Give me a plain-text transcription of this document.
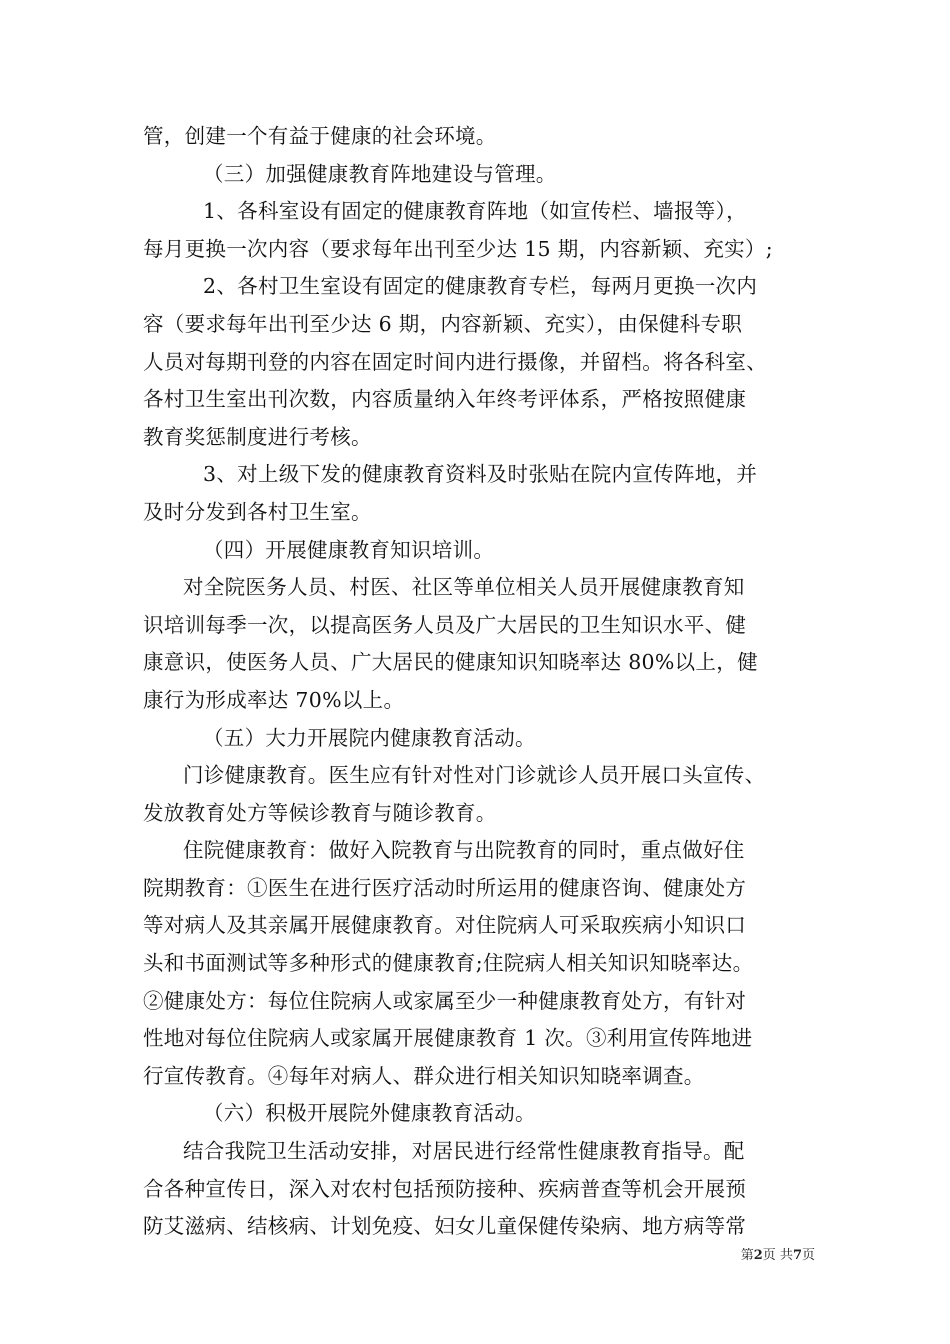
管，创建一个有益于健康的社会环境。
（三）加强健康教育阵地建设与管理。
1、各科室设有固定的健康教育阵地（如宣传栏、墙报等），
每月更换一次内容（要求每年出刊至少达 15 期，内容新颖、充实）;
2、各村卫生室设有固定的健康教育专栏，每两月更换一次内
容（要求每年出刊至少达 6 期，内容新颖、充实），由保健科专职
人员对每期刊登的内容在固定时间内进行摄像，并留档。将各科室、
各村卫生室出刊次数，内容质量纳入年终考评体系，严格按照健康
教育奖惩制度进行考核。
3、对上级下发的健康教育资料及时张贴在院内宣传阵地，并
及时分发到各村卫生室。
（四）开展健康教育知识培训。
对全院医务人员、村医、社区等单位相关人员开展健康教育知
识培训每季一次，以提高医务人员及广大居民的卫生知识水平、健
康意识，使医务人员、广大居民的健康知识知晓率达 80%以上，健
康行为形成率达 70%以上。
（五）大力开展院内健康教育活动。
门诊健康教育。医生应有针对性对门诊就诊人员开展口头宣传、
发放教育处方等候诊教育与随诊教育。
住院健康教育：做好入院教育与出院教育的同时，重点做好住
院期教育：①医生在进行医疗活动时所运用的健康咨询、健康处方
等对病人及其亲属开展健康教育。对住院病人可采取疾病小知识口
头和书面测试等多种形式的健康教育;住院病人相关知识知晓率达。
②健康处方：每位住院病人或家属至少一种健康教育处方，有针对
性地对每位住院病人或家属开展健康教育 1 次。③利用宣传阵地进
行宣传教育。④每年对病人、群众进行相关知识知晓率调查。
（六）积极开展院外健康教育活动。
结合我院卫生活动安排，对居民进行经常性健康教育指导。配
合各种宣传日，深入对农村包括预防接种、疾病普查等机会开展预
防艾滋病、结核病、计划免疫、妇女儿童保健传染病、地方病等常
第2页 共7页
